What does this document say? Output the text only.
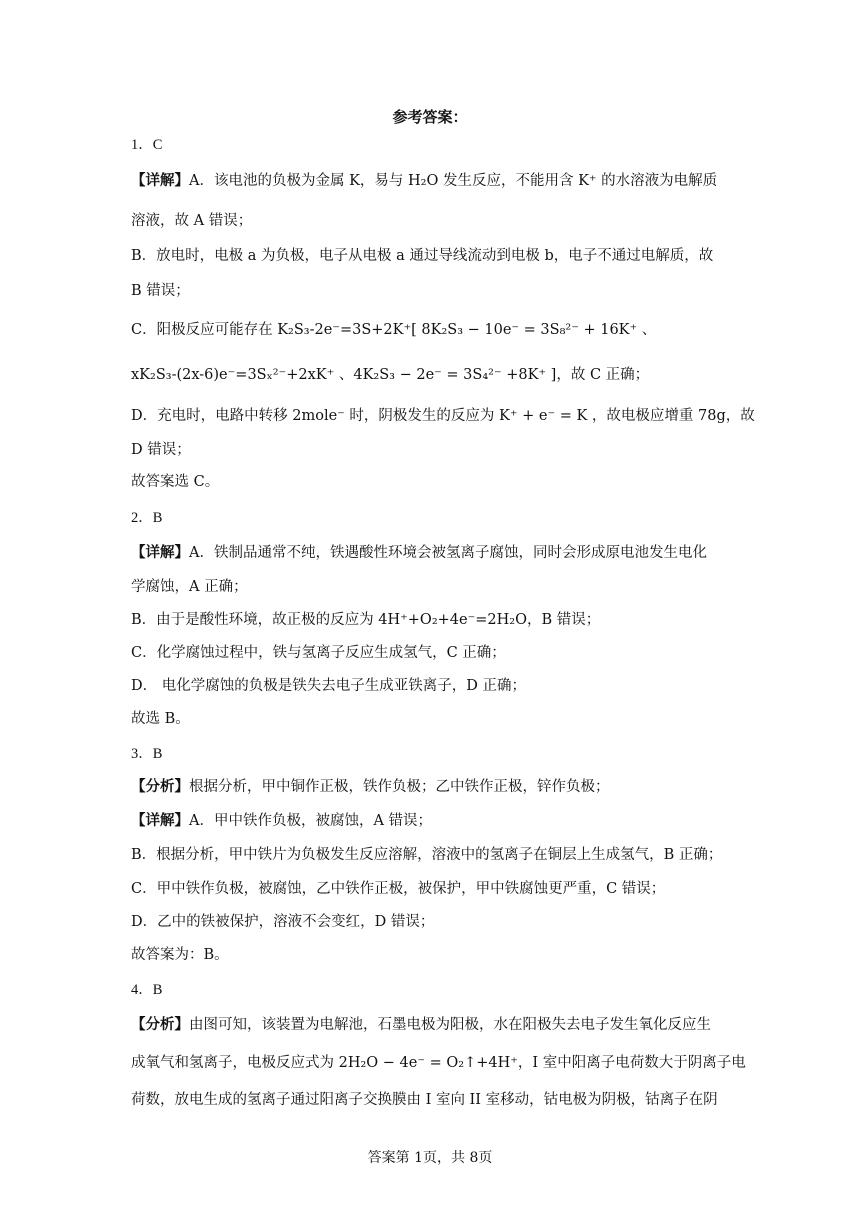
参考答案：
1．C
【详解】A．该电池的负极为金属 K，易与 H₂O 发生反应，不能用含 K⁺ 的水溶液为电解质
溶液，故 A 错误；
B．放电时，电极 a 为负极，电子从电极 a 通过导线流动到电极 b，电子不通过电解质，故
B 错误；
C．阳极反应可能存在 K₂S₃-2e⁻=3S+2K⁺[ 8K₂S₃ − 10e⁻ = 3S₈²⁻ + 16K⁺ 、
xK₂S₃-(2x-6)e⁻=3Sₓ²⁻+2xK⁺ 、4K₂S₃ − 2e⁻ = 3S₄²⁻ +8K⁺ ]，故 C 正确；
D．充电时，电路中转移 2mole⁻ 时，阴极发生的反应为 K⁺ + e⁻ = K ，故电极应增重 78g，故
D 错误；
故答案选 C。
2．B
【详解】A．铁制品通常不纯，铁遇酸性环境会被氢离子腐蚀，同时会形成原电池发生电化
学腐蚀，A 正确；
B．由于是酸性环境，故正极的反应为 4H⁺+O₂+4e⁻=2H₂O，B 错误；
C．化学腐蚀过程中，铁与氢离子反应生成氢气，C 正确；
D． 电化学腐蚀的负极是铁失去电子生成亚铁离子，D 正确；
故选 B。
3．B
【分析】根据分析，甲中铜作正极，铁作负极；乙中铁作正极，锌作负极；
【详解】A．甲中铁作负极，被腐蚀，A 错误；
B．根据分析，甲中铁片为负极发生反应溶解，溶液中的氢离子在铜层上生成氢气，B 正确；
C．甲中铁作负极，被腐蚀，乙中铁作正极，被保护，甲中铁腐蚀更严重，C 错误；
D．乙中的铁被保护，溶液不会变红，D 错误；
故答案为：B。
4．B
【分析】由图可知，该装置为电解池，石墨电极为阳极，水在阳极失去电子发生氧化反应生
成氧气和氢离子，电极反应式为 2H₂O − 4e⁻ = O₂↑+4H⁺，I 室中阳离子电荷数大于阴离子电
荷数，放电生成的氢离子通过阳离子交换膜由 I 室向 II 室移动，钴电极为阴极，钴离子在阴
答案第 1页，共 8页
